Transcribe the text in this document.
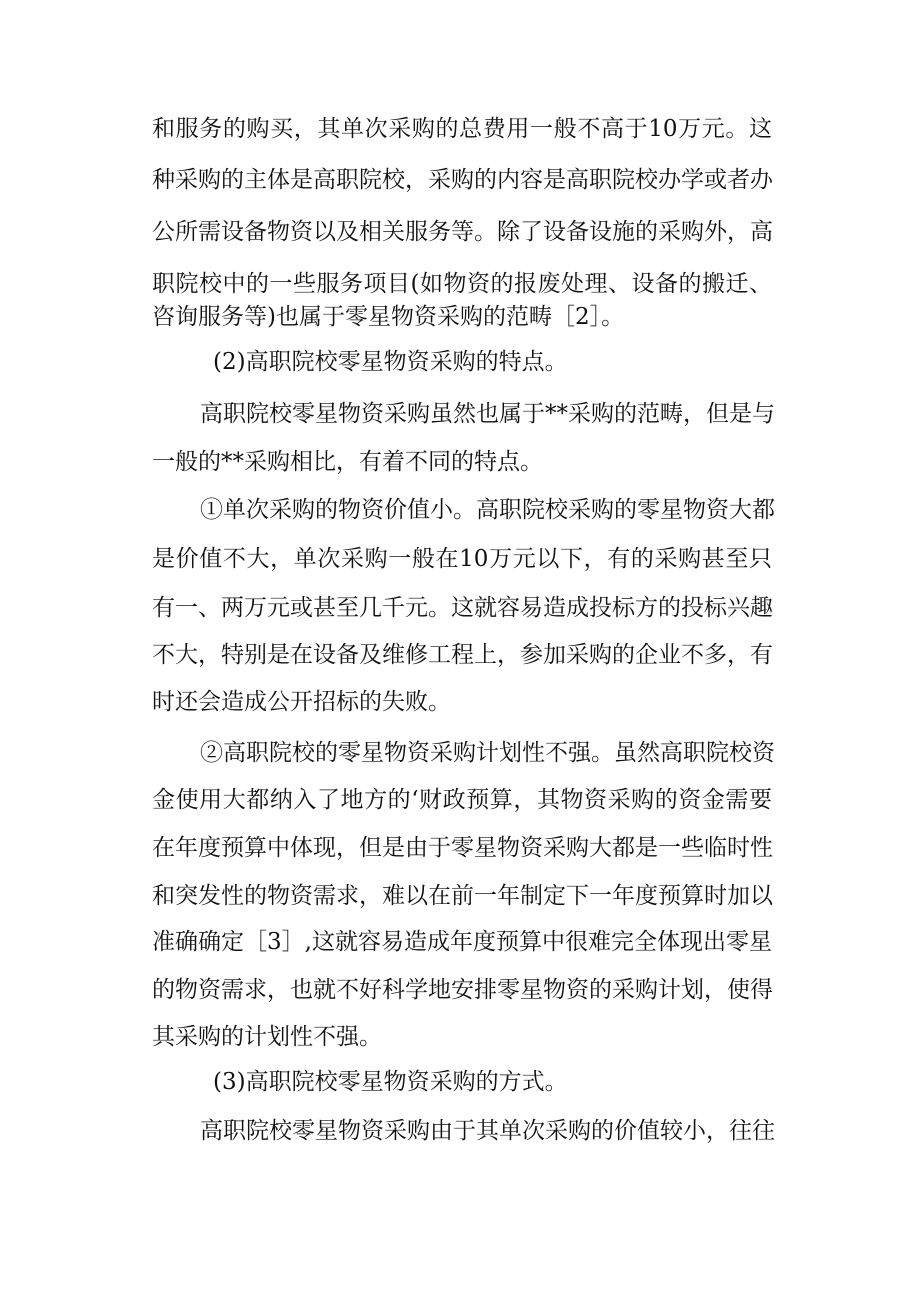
和服务的购买，其单次采购的总费用一般不高于10万元。这
种采购的主体是高职院校，采购的内容是高职院校办学或者办
公所需设备物资以及相关服务等。除了设备设施的采购外，高
职院校中的一些服务项目(如物资的报废处理、设备的搬迁、
咨询服务等)也属于零星物资采购的范畴［2］。
(2)高职院校零星物资采购的特点。
高职院校零星物资采购虽然也属于**采购的范畴，但是与
一般的**采购相比，有着不同的特点。
①单次采购的物资价值小。高职院校采购的零星物资大都
是价值不大，单次采购一般在10万元以下，有的采购甚至只
有一、两万元或甚至几千元。这就容易造成投标方的投标兴趣
不大，特别是在设备及维修工程上，参加采购的企业不多，有
时还会造成公开招标的失败。
②高职院校的零星物资采购计划性不强。虽然高职院校资
金使用大都纳入了地方的‘财政预算，其物资采购的资金需要
在年度预算中体现，但是由于零星物资采购大都是一些临时性
和突发性的物资需求，难以在前一年制定下一年度预算时加以
准确确定［3］,这就容易造成年度预算中很难完全体现出零星
的物资需求，也就不好科学地安排零星物资的采购计划，使得
其采购的计划性不强。
(3)高职院校零星物资采购的方式。
高职院校零星物资采购由于其单次采购的价值较小，往往
